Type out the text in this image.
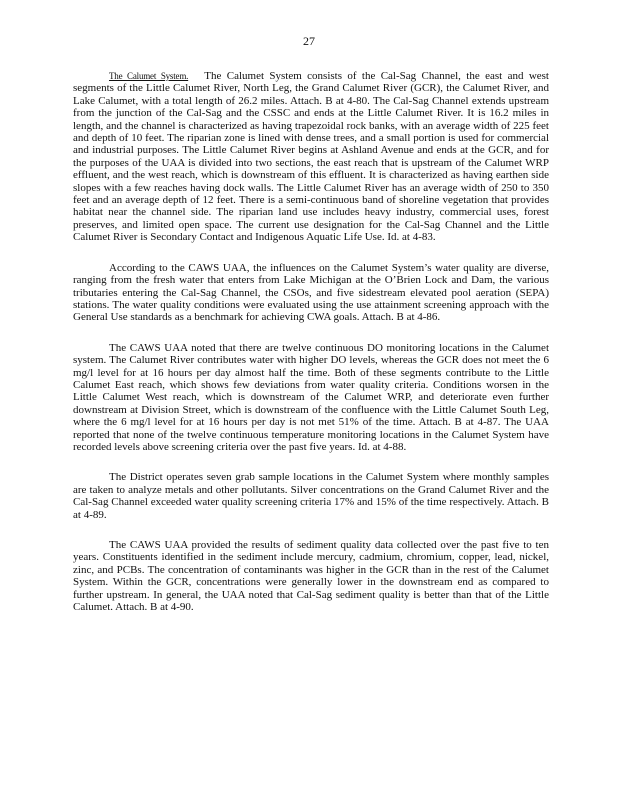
27

The Calumet System. The Calumet System consists of the Cal-Sag Channel, the east and west segments of the Little Calumet River, North Leg, the Grand Calumet River (GCR), the Calumet River, and Lake Calumet, with a total length of 26.2 miles. Attach. B at 4-80. The Cal-Sag Channel extends upstream from the junction of the Cal-Sag and the CSSC and ends at the Little Calumet River. It is 16.2 miles in length, and the channel is characterized as having trapezoidal rock banks, with an average width of 225 feet and depth of 10 feet. The riparian zone is lined with dense trees, and a small portion is used for commercial and industrial purposes. The Little Calumet River begins at Ashland Avenue and ends at the GCR, and for the purposes of the UAA is divided into two sections, the east reach that is upstream of the Calumet WRP effluent, and the west reach, which is downstream of this effluent. It is characterized as having earthen side slopes with a few reaches having dock walls. The Little Calumet River has an average width of 250 to 350 feet and an average depth of 12 feet. There is a semi-continuous band of shoreline vegetation that provides habitat near the channel side. The riparian land use includes heavy industry, commercial uses, forest preserves, and limited open space. The current use designation for the Cal-Sag Channel and the Little Calumet River is Secondary Contact and Indigenous Aquatic Life Use. Id. at 4-83.

According to the CAWS UAA, the influences on the Calumet System’s water quality are diverse, ranging from the fresh water that enters from Lake Michigan at the O’Brien Lock and Dam, the various tributaries entering the Cal-Sag Channel, the CSOs, and five sidestream elevated pool aeration (SEPA) stations. The water quality conditions were evaluated using the use attainment screening approach with the General Use standards as a benchmark for achieving CWA goals. Attach. B at 4-86.

The CAWS UAA noted that there are twelve continuous DO monitoring locations in the Calumet system. The Calumet River contributes water with higher DO levels, whereas the GCR does not meet the 6 mg/l level for at 16 hours per day almost half the time. Both of these segments contribute to the Little Calumet East reach, which shows few deviations from water quality criteria. Conditions worsen in the Little Calumet West reach, which is downstream of the Calumet WRP, and deteriorate even further downstream at Division Street, which is downstream of the confluence with the Little Calumet South Leg, where the 6 mg/l level for at 16 hours per day is not met 51% of the time. Attach. B at 4-87. The UAA reported that none of the twelve continuous temperature monitoring locations in the Calumet System have recorded levels above screening criteria over the past five years. Id. at 4-88.

The District operates seven grab sample locations in the Calumet System where monthly samples are taken to analyze metals and other pollutants. Silver concentrations on the Grand Calumet River and the Cal-Sag Channel exceeded water quality screening criteria 17% and 15% of the time respectively. Attach. B at 4-89.

The CAWS UAA provided the results of sediment quality data collected over the past five to ten years. Constituents identified in the sediment include mercury, cadmium, chromium, copper, lead, nickel, zinc, and PCBs. The concentration of contaminants was higher in the GCR than in the rest of the Calumet System. Within the GCR, concentrations were generally lower in the downstream end as compared to further upstream. In general, the UAA noted that Cal-Sag sediment quality is better than that of the Little Calumet. Attach. B at 4-90.
